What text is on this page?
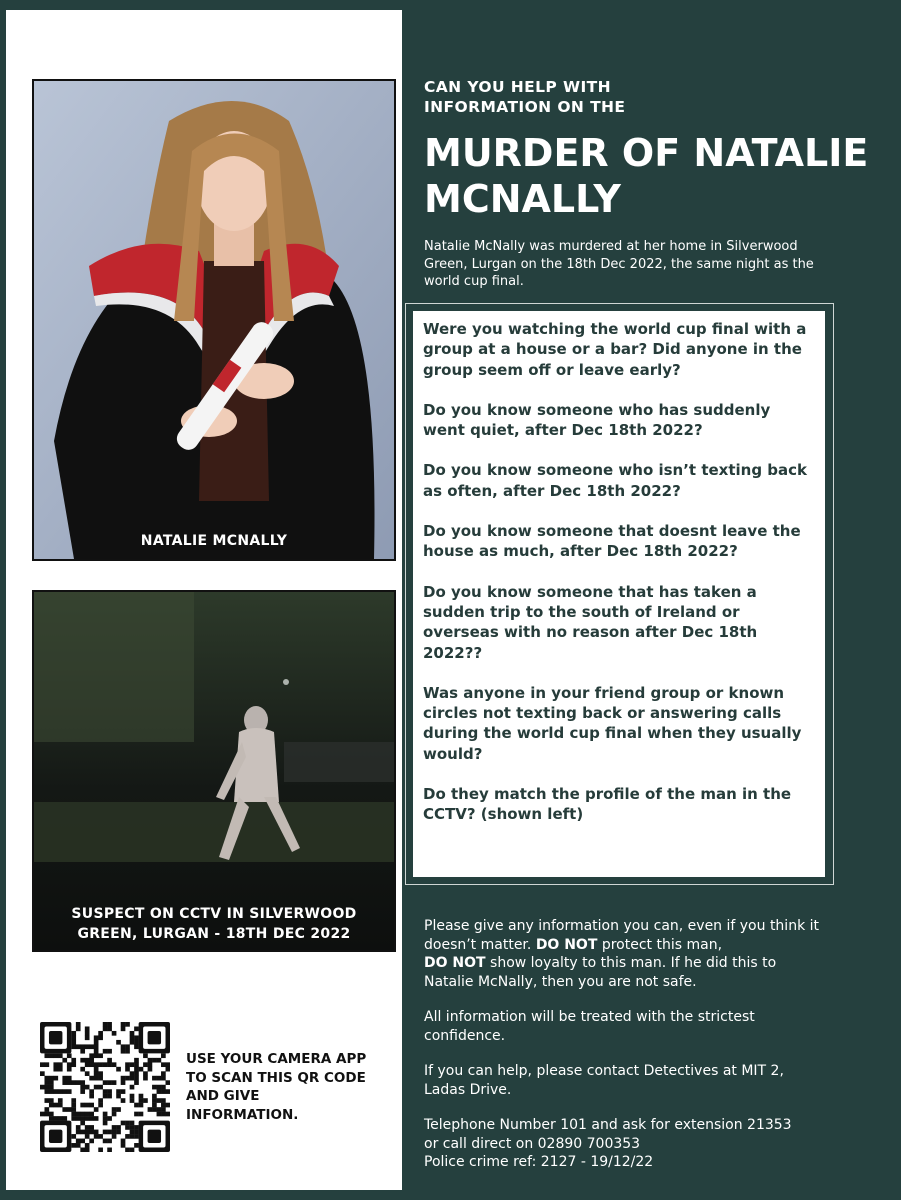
NATALIE MCNALLY
SUSPECT ON CCTV IN SILVERWOOD GREEN, LURGAN - 18TH DEC 2022
USE YOUR CAMERA APP TO SCAN THIS QR CODE AND GIVE INFORMATION.
CAN YOU HELP WITH INFORMATION ON THE
MURDER OF NATALIE MCNALLY
Natalie McNally was murdered at her home in Silverwood Green, Lurgan on the 18th Dec 2022, the same night as the world cup final.

Were you watching the world cup final with a group at a house or a bar? Did anyone in the group seem off or leave early?

Do you know someone who has suddenly went quiet, after Dec 18th 2022?

Do you know someone who isn’t texting back as often, after Dec 18th 2022?

Do you know someone that doesnt leave the house as much, after Dec 18th 2022?

Do you know someone that has taken a sudden trip to the south of Ireland or overseas with no reason after Dec 18th 2022??

Was anyone in your friend group or known circles not texting back or answering calls during the world cup final when they usually would?

Do they match the profile of the man in the CCTV? (shown left)

Please give any information you can, even if you think it doesn’t matter. DO NOT protect this man,
DO NOT show loyalty to this man. If he did this to Natalie McNally, then you are not safe.

All information will be treated with the strictest confidence.

If you can help, please contact Detectives at MIT 2, Ladas Drive.

Telephone Number 101 and ask for extension 21353
or call direct on 02890 700353
Police crime ref: 2127 - 19/12/22
